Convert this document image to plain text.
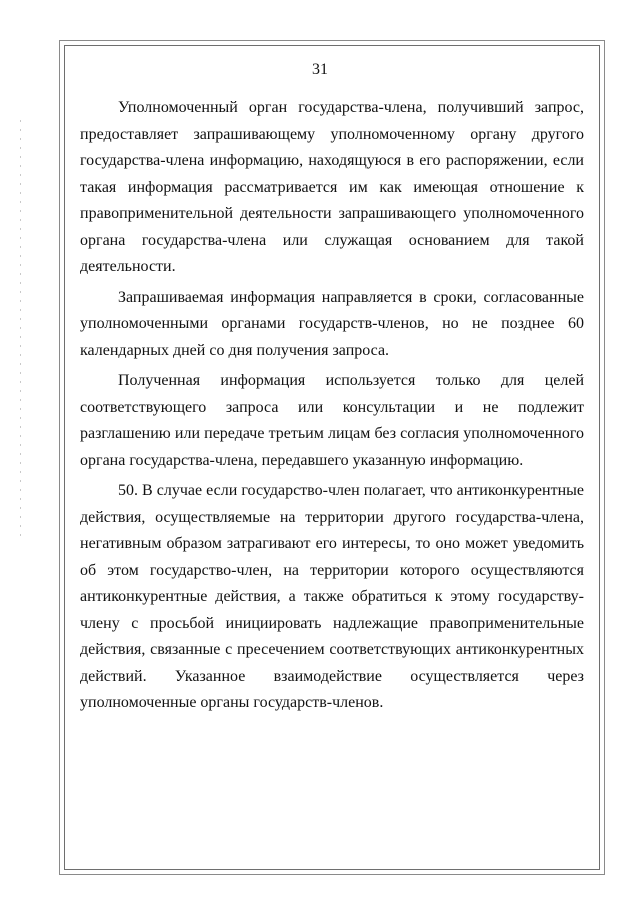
31

Уполномоченный орган государства-члена, получивший запрос, предоставляет запрашивающему уполномоченному органу другого государства-члена информацию, находящуюся в его распоряжении, если такая информация рассматривается им как имеющая отношение к правоприменительной деятельности запрашивающего уполномоченного органа государства-члена или служащая основанием для такой деятельности.

Запрашиваемая информация направляется в сроки, согласованные уполномоченными органами государств-членов, но не позднее 60 календарных дней со дня получения запроса.

Полученная информация используется только для целей соответствующего запроса или консультации и не подлежит разглашению или передаче третьим лицам без согласия уполномоченного органа государства-члена, передавшего указанную информацию.

50. В случае если государство-член полагает, что антиконкурентные действия, осуществляемые на территории другого государства-члена, негативным образом затрагивают его интересы, то оно может уведомить об этом государство-член, на территории которого осуществляются антиконкурентные действия, а также обратиться к этому государству-члену с просьбой инициировать надлежащие правоприменительные действия, связанные с пресечением соответствующих антиконкурентных действий. Указанное взаимодействие осуществляется через уполномоченные органы государств-членов.
